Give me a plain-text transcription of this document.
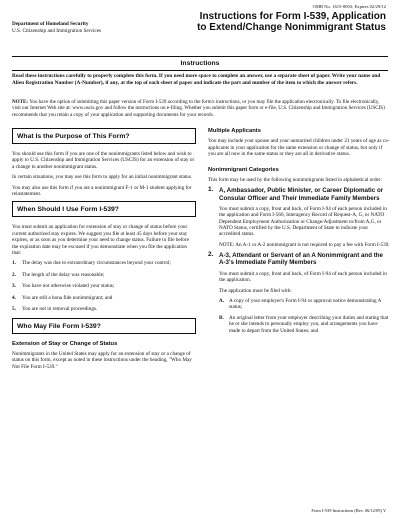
OMB No. 1615-0003; Expires 02/29/12
Department of Homeland Security
U.S. Citizenship and Immigration Services
Instructions for Form I-539, Application
to Extend/Change Nonimmigrant Status
Instructions
Read these instructions carefully to properly complete this form. If you need more space to complete an answer, use a separate sheet of paper. Write your name and Alien Registration Number (A-Number), if any, at the top of each sheet of paper and indicate the part and number of the item to which the answer refers.
NOTE: You have the option of submitting this paper version of Form I-539 according to the form's instructions, or you may file the application electronically. To file electronically, visit our Internet Web site at: www.uscis.gov and follow the instructions on e-filing. Whether you submit this paper form or e-file, U.S. Citizenship and Immigration Services (USCIS) recommends that you retain a copy of your application and supporting documents for your records.
What Is the Purpose of This Form?

You should use this form if you are one of the nonimmigrants listed below and wish to apply to U.S. Citizenship and Immigration Services (USCIS) for an extension of stay or a change to another nonimmigrant status.

In certain situations, you may use this form to apply for an initial nonimmigrant status.

You may also use this form if you are a nonimmigrant F-1 or M-1 student applying for reinstatement.

When Should I Use Form I-539?

You must submit an application for extension of stay or change of status before your current authorized stay expires. We suggest you file at least 45 days before your stay expires, or as soon as you determine your need to change status. Failure to file before the expiration date may be excused if you demonstrate when you file the application that:

1.	The delay was due to extraordinary circumstances beyond your control;
2.	The length of the delay was reasonable;
3.	You have not otherwise violated your status;
4.	You are still a bona fide nonimmigrant; and
5.	You are not in removal proceedings.
Who May File Form I-539?
Extension of Stay or Change of Status

Nonimmigrants in the United States may apply for an extension of stay or a change of status on this form, except as noted in these instructions under the heading, "Who May Not File Form I-539."

Multiple Applicants

You may include your spouse and your unmarried children under 21 years of age as co-applicants in your application for the same extension or change of status, but only if you are all now in the same status or they are all in derivative status.

Nonimmigrant Categories

This form may be used by the following nonimmigrants listed in alphabetical order:

1. A, Ambassador, Public Minister, or Career Diplomatic or Consular Officer and Their Immediate Family Members

You must submit a copy, front and back, of Form I-94 of each person included in the application and Form I-566, Interagency Record of Request-A, G, or NATO Dependent Employment Authorization or Change/Adjustment to/from A,G, or NATO Status, certified by the U.S. Department of State to indicate your accredited status.

NOTE: An A-1 or A-2 nonimmigrant is not required to pay a fee with Form I-539.

2. A-3, Attendant or Servant of an A Nonimmigrant and the A-3's Immediate Family Members

You must submit a copy, front and back, of Form I-94 of each person included in the application.

The application must be filed with:

A. A copy of your employer's Form I-94 or approval notice demonstrating A status;
B.	An original letter from your employer describing your duties and stating that he or she intends to personally employ you, and arrangements you have made to depart from the United States; and
Form I-539 Instructions (Rev. 06/12/09) Y
